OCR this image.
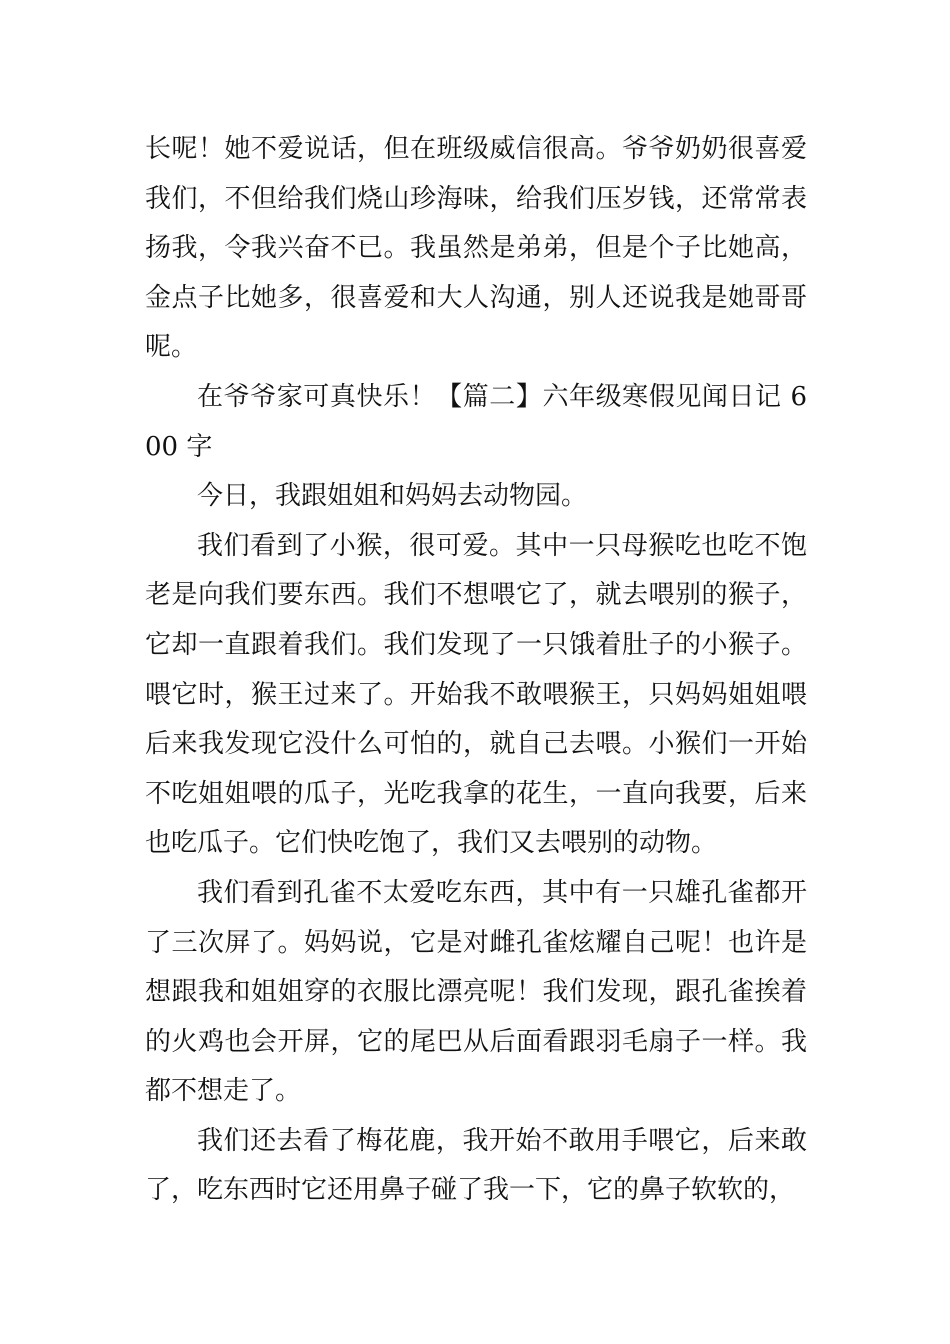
长呢！她不爱说话，但在班级威信很高。爷爷奶奶很喜爱我们，不但给我们烧山珍海味，给我们压岁钱，还常常表扬我，令我兴奋不已。我虽然是弟弟，但是个子比她高，金点子比她多，很喜爱和大人沟通，别人还说我是她哥哥呢。

在爷爷家可真快乐！【篇二】六年级寒假见闻日记 600 字

今日，我跟姐姐和妈妈去动物园。

我们看到了小猴，很可爱。其中一只母猴吃也吃不饱老是向我们要东西。我们不想喂它了，就去喂别的猴子，它却一直跟着我们。我们发现了一只饿着肚子的小猴子。喂它时，猴王过来了。开始我不敢喂猴王，只妈妈姐姐喂后来我发现它没什么可怕的，就自己去喂。小猴们一开始不吃姐姐喂的瓜子，光吃我拿的花生，一直向我要，后来也吃瓜子。它们快吃饱了，我们又去喂别的动物。

我们看到孔雀不太爱吃东西，其中有一只雄孔雀都开了三次屏了。妈妈说，它是对雌孔雀炫耀自己呢！也许是想跟我和姐姐穿的衣服比漂亮呢！我们发现，跟孔雀挨着的火鸡也会开屏，它的尾巴从后面看跟羽毛扇子一样。我都不想走了。

我们还去看了梅花鹿，我开始不敢用手喂它，后来敢了，吃东西时它还用鼻子碰了我一下，它的鼻子软软的，
